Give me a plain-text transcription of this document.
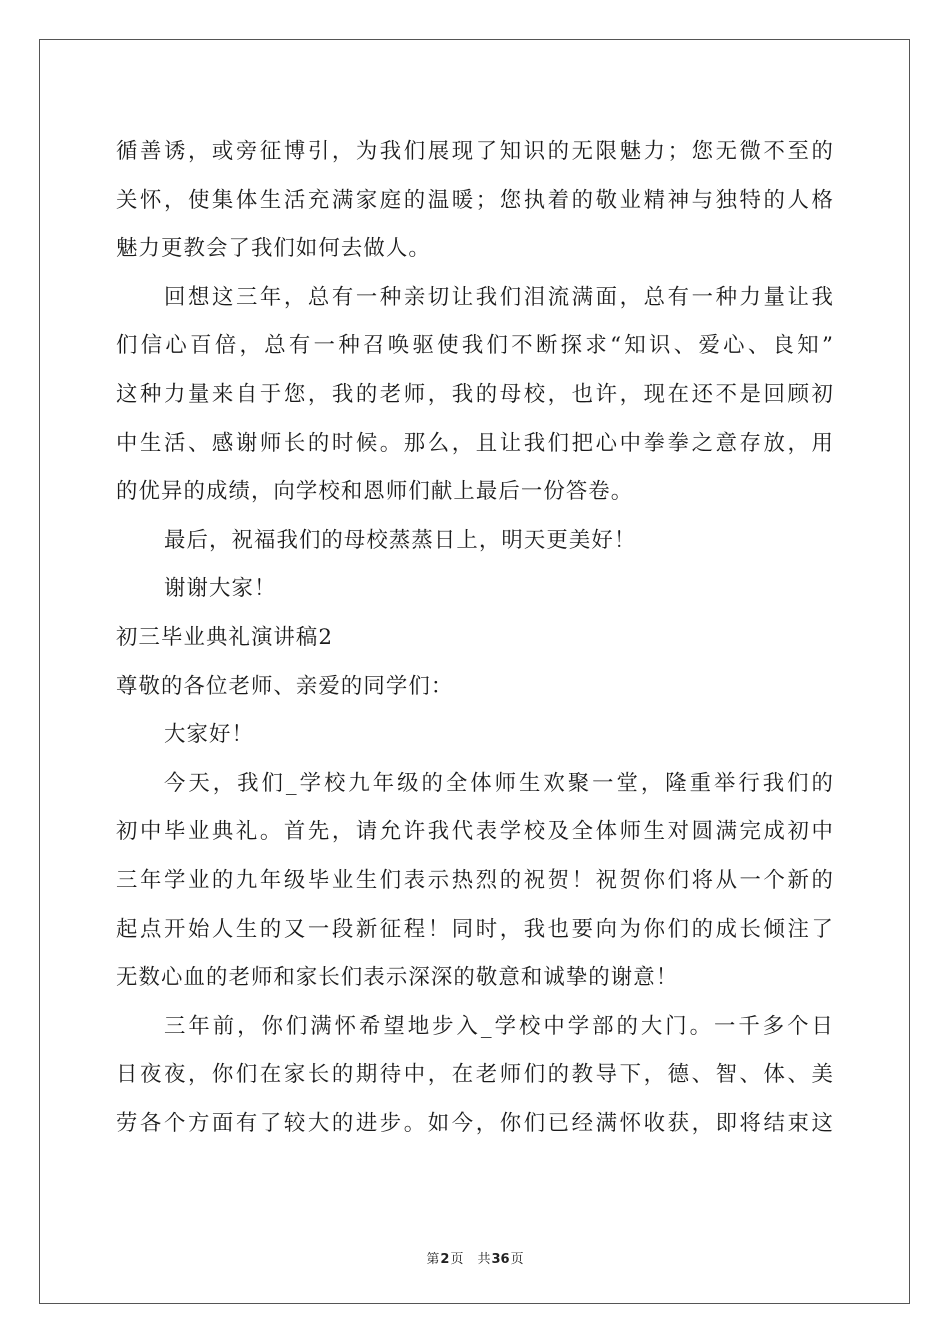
循善诱，或旁征博引，为我们展现了知识的无限魅力；您无微不至的
关怀，使集体生活充满家庭的温暖；您执着的敬业精神与独特的人格
魅力更教会了我们如何去做人。
回想这三年，总有一种亲切让我们泪流满面，总有一种力量让我
们信心百倍，总有一种召唤驱使我们不断探求“知识、爱心、良知”
这种力量来自于您，我的老师，我的母校，也许，现在还不是回顾初
中生活、感谢师长的时候。那么，且让我们把心中拳拳之意存放，用
的优异的成绩，向学校和恩师们献上最后一份答卷。
最后，祝福我们的母校蒸蒸日上，明天更美好！
谢谢大家！
初三毕业典礼演讲稿2
尊敬的各位老师、亲爱的同学们：
大家好！
今天，我们_学校九年级的全体师生欢聚一堂，隆重举行我们的
初中毕业典礼。首先，请允许我代表学校及全体师生对圆满完成初中
三年学业的九年级毕业生们表示热烈的祝贺！祝贺你们将从一个新的
起点开始人生的又一段新征程！同时，我也要向为你们的成长倾注了
无数心血的老师和家长们表示深深的敬意和诚挚的谢意！
三年前，你们满怀希望地步入_学校中学部的大门。一千多个日
日夜夜，你们在家长的期待中，在老师们的教导下，德、智、体、美
劳各个方面有了较大的进步。如今，你们已经满怀收获，即将结束这
第2页 共36页
